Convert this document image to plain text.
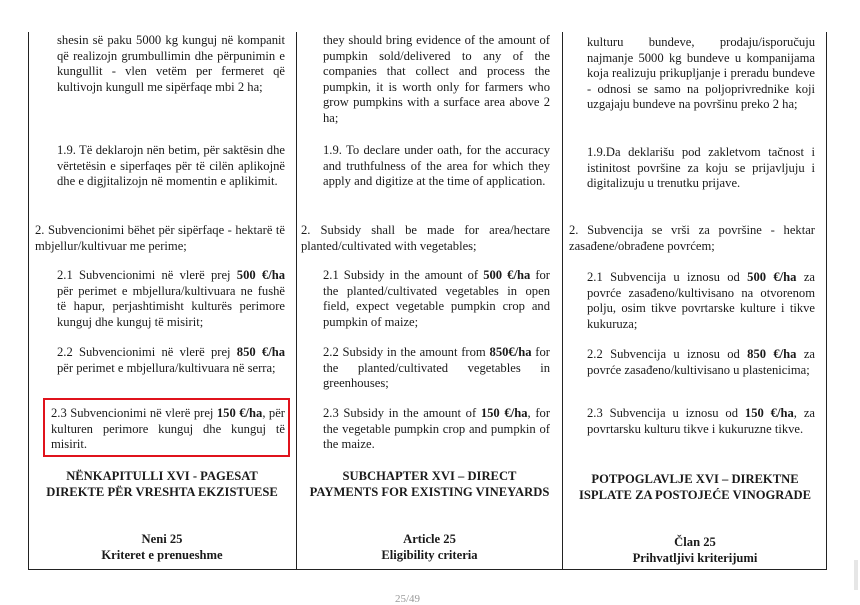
shesin së paku 5000 kg kunguj në kompanit që realizojn grumbullimin dhe përpunimin e kungullit - vlen vetëm per fermeret që kultivojn kungull me sipërfaqe mbi 2 ha;

1.9. Të deklarojn nën betim, për saktësin dhe vërtetësin e siperfaqes për të cilën aplikojnë dhe e digjitalizojn në momentin e aplikimit.

2. Subvencionimi bëhet për sipërfaqe - hektarë të mbjellur/kultivuar me perime;

2.1 Subvencionimi në vlerë prej 500 €/ha për perimet e mbjellura/kultivuara ne fushë të hapur, perjashtimisht kulturës perimore kunguj dhe kunguj të misirit;

2.2 Subvencionimi në vlerë prej 850 €/ha për perimet e mbjellura/kultivuara në serra;

2.3 Subvencionimi në vlerë prej 150 €/ha, për kulturen perimore kunguj dhe kunguj të misirit.

NËNKAPITULLI XVI - PAGESAT DIREKTE PËR VRESHTA EKZISTUESE

Neni 25
Kriteret e prenueshme

they should bring evidence of the amount of pumpkin sold/delivered to any of the companies that collect and process the pumpkin, it is worth only for farmers who grow pumpkins with a surface area above 2 ha;

1.9. To declare under oath, for the accuracy and truthfulness of the area for which they apply and digitize at the time of application.

2. Subsidy shall be made for area/hectare planted/cultivated with vegetables;

2.1 Subsidy in the amount of 500 €/ha for the planted/cultivated vegetables in open field, expect vegetable pumpkin crop and pumpkin of maize;

2.2 Subsidy in the amount from 850€/ha for the planted/cultivated vegetables in greenhouses;

2.3 Subsidy in the amount of 150 €/ha, for the vegetable pumpkin crop and pumpkin of the maize.

SUBCHAPTER XVI – DIRECT PAYMENTS FOR EXISTING VINEYARDS

Article 25
Eligibility criteria

kulturu bundeve, prodaju/isporučuju najmanje 5000 kg bundeve u kompanijama koja realizuju prikupljanje i preradu bundeve - odnosi se samo na poljoprivrednike koji uzgajaju bundeve na površinu preko 2 ha;

1.9.Da deklarišu pod zakletvom tačnost i istinitost površine za koju se prijavljuju i digitalizuju u trenutku prijave.

2. Subvencija se vrši za površine - hektar zasađene/obrađene povrćem;

2.1 Subvencija u iznosu od 500 €/ha za povrće zasađeno/kultivisano na otvorenom polju, osim tikve povrtarske kulture i tikve kukuruza;

2.2 Subvencija u iznosu od 850 €/ha za povrće zasađeno/kultivisano u plastenicima;

2.3 Subvencija u iznosu od 150 €/ha, za povrtarsku kulturu tikve i kukuruzne tikve.

POTPOGLAVLJE XVI – DIREKTNE ISPLATE ZA POSTOJEĆE VINOGRADE

Član 25
Prihvatljivi kriterijumi

25/49
